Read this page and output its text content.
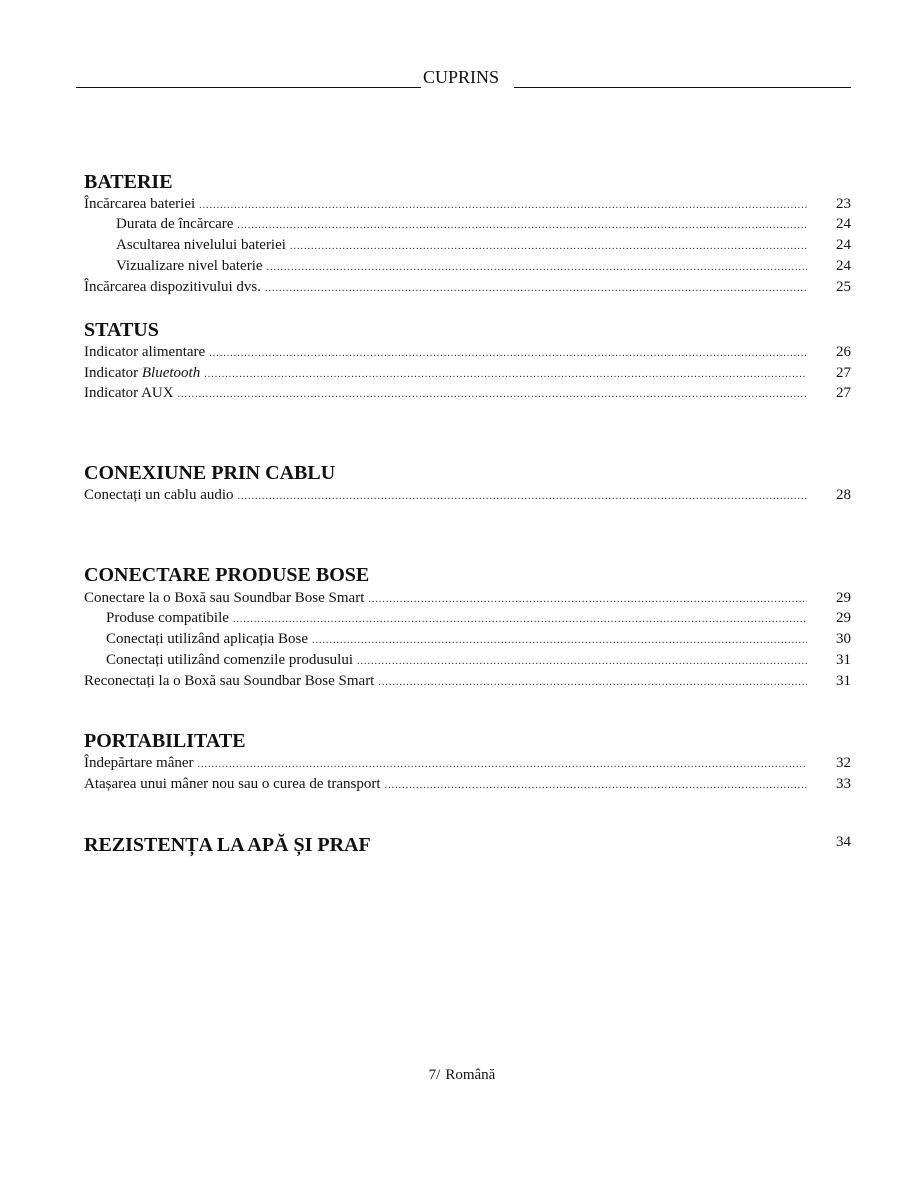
CUPRINS
BATERIE
Încărcarea bateriei .....	23
Durata de încărcare .....	24
Ascultarea nivelului bateriei .....	24
Vizualizare nivel baterie .....	24
Încărcarea dispozitivului dvs. .....	25
STATUS
Indicator alimentare .....	26
Indicator Bluetooth .....	27
Indicator AUX .....	27
CONEXIUNE PRIN CABLU
Conectați un cablu audio .....	28
CONECTARE PRODUSE BOSE
Conectare la o Boxă sau Soundbar Bose Smart .....	29
Produse compatibile .....	29
Conectați utilizând aplicația Bose .....	30
Conectați utilizând comenzile produsului .....	31
Reconectați la o Boxă sau Soundbar Bose Smart .....	31
PORTABILITATE
Îndepărtare mâner .....	32
Atașarea unui mâner nou sau o curea de transport .....	33
REZISTENȚA LA APĂ ȘI PRAF	34
7/ Română
